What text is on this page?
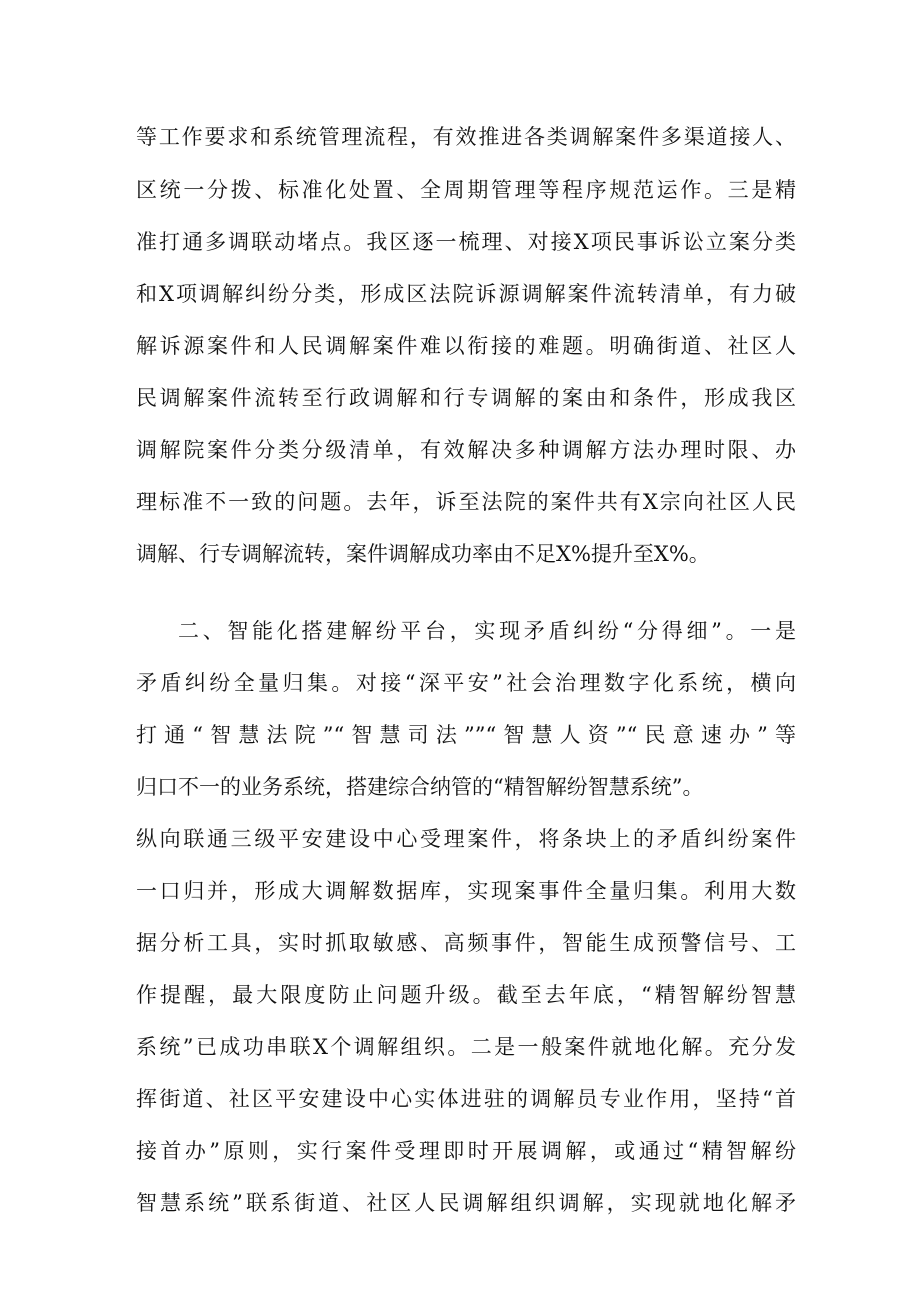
等工作要求和系统管理流程，有效推进各类调解案件多渠道接人、

区统一分拨、标准化处置、全周期管理等程序规范运作。三是精

准打通多调联动堵点。我区逐一梳理、对接X项民事诉讼立案分类

和X项调解纠纷分类，形成区法院诉源调解案件流转清单，有力破

解诉源案件和人民调解案件难以衔接的难题。明确街道、社区人

民调解案件流转至行政调解和行专调解的案由和条件，形成我区

调解院案件分类分级清单，有效解决多种调解方法办理时限、办

理标准不一致的问题。去年，诉至法院的案件共有X宗向社区人民

调解、行专调解流转，案件调解成功率由不足X%提升至X%。

二、智能化搭建解纷平台，实现矛盾纠纷“分得细”。一是

矛盾纠纷全量归集。对接“深平安”社会治理数字化系统，横向

打通“智慧法院”“智慧司法””“智慧人资”“民意速办”等

归口不一的业务系统，搭建综合纳管的“精智解纷智慧系统”。

纵向联通三级平安建设中心受理案件，将条块上的矛盾纠纷案件

一口归并，形成大调解数据库，实现案事件全量归集。利用大数

据分析工具，实时抓取敏感、高频事件，智能生成预警信号、工

作提醒，最大限度防止问题升级。截至去年底，“精智解纷智慧

系统”已成功串联X个调解组织。二是一般案件就地化解。充分发

挥街道、社区平安建设中心实体进驻的调解员专业作用，坚持“首

接首办”原则，实行案件受理即时开展调解，或通过“精智解纷

智慧系统”联系街道、社区人民调解组织调解，实现就地化解矛
